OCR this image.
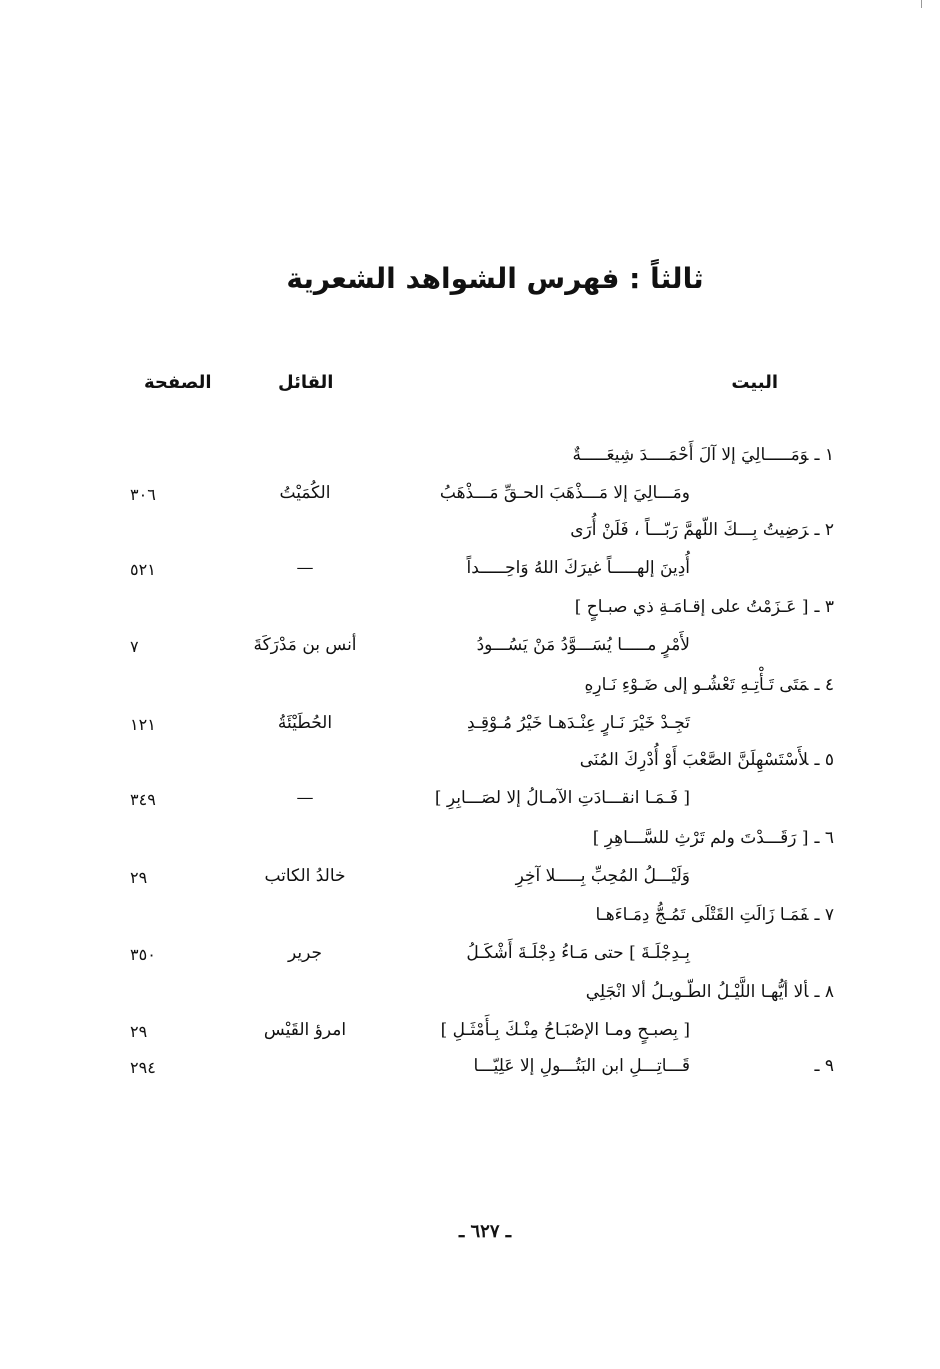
ثالثاً : فهرس الشواهد الشعرية
البيت
القائل
الصفحة
١ ـوَمَـــــالِيَ إلا آلَ أَحْمَــــدَ شِيعَـــــةٌ
ومَـــالِيَ إلا مَـــذْهَبَ الحـقِّ مَـــذْهَبُ
الكُمَيْتُ
٣٠٦
٢ ـرَضِيتُ بِـــكَ اللّهمَّ رَبّـــاً ، فَلَنْ أُرَى
أُدِينَ إلهـــــاً غيرَكَ اللهُ وَاحِـــــداً
—
٥٢١
٣ ـ[ عَـزَمْتُ على إقـامَـةِ ذي صبـاحٍ ]
لأَمْرٍ مـــــا يُسَـــوَّدُ مَنْ يَسُـــودُ
أنس بن مَدْرَكَةَ
٧
٤ ـمَتَى تَـأْتِـهِ تَعْشُـو إلى ضَـوْءِ نَـارِهِ
تَجِـدْ خَيْرَ نَـارٍ عِنْـدَهـا خَيْرُ مُـوْقِـدِ
الحُطَيْئَةُ
١٢١
٥ ـلأَسْتَسْهِلَنَّ الصَّعْبَ أَوْ أُدْرِكَ المُنَى
[ فَـمَـا انقـــادَتِ الآمـالُ إلا لصَـــابِرِ ]
—
٣٤٩
٦ ـ[ رَقَـــدْتَ ولم تَرْثِ للسَّـــاهِرِ ]
وَلَيْـــلُ المُحِبِّ بِـــــلا آخِرِ
خالدُ الكاتب
٢٩
٧ ـفَمَـا زَالَتِ القَتْلَى تَمُـجُّ دِمَـاءَهـا
بِـدِجْلَـةَ ] حتى مَـاءُ دِجْلَـةَ أَشْكَـلُ
جرير
٣٥٠
٨ ـألا أيُّهـا اللَّيْـلُ الطّـويـلُ ألا انْجَلِي
[ بِصبـحٍ ومـا الإصْبَـاحُ مِنْـكَ بِـأَمْثَـلِ ]
امرؤ القَيْس
٢٩
٩ ـ
قَـــاتِـــلِ ابن البَتُـــولِ إلا عَلِيّـــا
٢٩٤
ـ ٦٢٧ ـ
